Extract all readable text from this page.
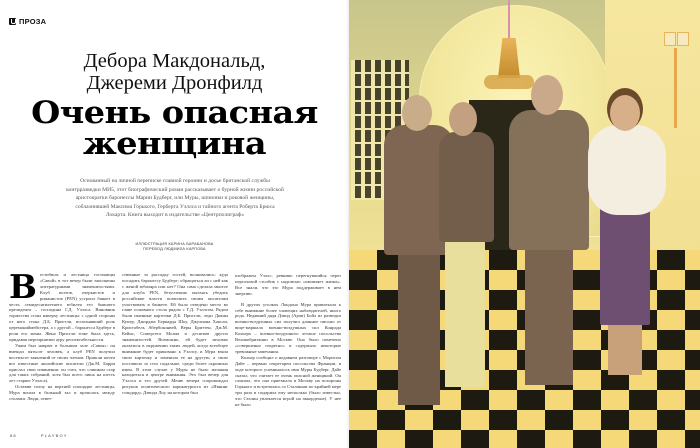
ПРОЗА
Дебора Макдональд,
Джереми Дронфилд
Очень опасная
женщина
Основанный на личной переписке главной героини и досье британской службы контрразведки МИ5, этот биографический роман рассказывает о бурной жизни российской аристократки баронессы Марии Будберг, или Муры, шпионки и роковой женщины, соблазнившей Максима Горького, Герберта Уэллса и тайного агента Роберта Брюса Локарта. Книга выходит в издательстве «Центрполиграф»
ИЛЛЮСТРАЦИЯ КАРИНА БАРАБАНОВА
ПЕРЕВОД ЛЮДМИЛА КАРПОВА

Вестибюль и лестница гостиницы «Савой» в тот вечер были заполнены литературными знаменитостями. Клуб поэтов, очеркистов и романистов (PEN) устроил банкет в честь семидесятилетнего юбилея его бывшего президента – господина Г.Д. Уэллса. Виновник торжества стоял наверху лестницы: с одной стороны от него стоял Д.Б. Пристли, исполнявший роль церемониймейстера, а с другой – баронесса Будберг в роли его жены. Жена Пристли тоже была здесь, придавая мероприятию ауру респектабельности.

Ужин был накрыт в большом зале «Савоя»: он вмещал пятьсот человек, а клуб PEN получил восемьсот заявлений от своих членов. Пришли почти все известные английские писатели (Дж.М. Барри прислал свои извинения: он счел, что слишком стар для таких собраний, хотя был всего лишь на шесть лет старше Уэллса).

Оставив толпу на верхней площадке лестницы, Мура вошла в бальный зал и прошлась между столами. Люди, ответ-

ственные за рассадку гостей, волновались: куда посадить баронессу Будберг; обращаться ли с ней как с женой юбиляра или нет? Она сама сделала многое для клуба PEN, безуспешно пытаясь убедить российские власти позволить своим писателям участвовать в банкете. Ей было отведено место во главе основного стола рядом с Г.Д. Уэллсом. Рядом были именные карточки Д.Б. Пристли, леди Дианы Купер, Джорджа Бернарда Шоу, Джулиана Хаксли, Кристабель Абербоконвей, Веры Бриттен, Дж.М. Кейнс, Сомерсета Моэма и десятков других знаменитостей. Возможно, ей будет неловко оказаться в окружении таких людей, когда всеобщее внимание будет приковано к Уэллсу, и Мура взяла свою карточку и заменила ее на другую, а свою поставила за стол подальше, среди более скромных имен. В этом случае у Муры не было желания находиться в центре внимания. Это был вечер для Уэллса и его друзей. Меню вечера сопровождал рисунок политического карикатуриста из «Ивнинг стандард» Дэвида Лоу, на котором был

изображен Уэллс, ревниво перегнувшийся через перголовой столбик с надписью «оживляет жизнь». Все знали, что это Мура поддерживает в нем энергию.

В других уголках Лондона Мура привлекала к себе внимание более зловещих наблюдателей, иного рода. Недавний дядя Дэвид (Арчи) Бойл из разведки военно-воздушных сил получил длинное письмо от вице-маршала военно-воздушных сил Конрада Кольера – военно-воздушного атташе посольства Великобритании в Москве. Оно было помечено «совершенно секретно» и содержало некоторые тревожные замечания.

Кольер сообщил о недавнем разговоре с Морисом Дайе – первым секретарем посольства Франции, в ходе которого упоминалось имя Муры Будберг. Дайе сказал, что считает ее очень опасной женщиной. Он слышал, что она приезжала в Москву на похороны Горького и встречалась со Сталиным по крайней мере три раза и подарила ему несколько (было известно, что Сталин увлекается игрой на аккордеоне). У нее не было

88	PLAYBOY
